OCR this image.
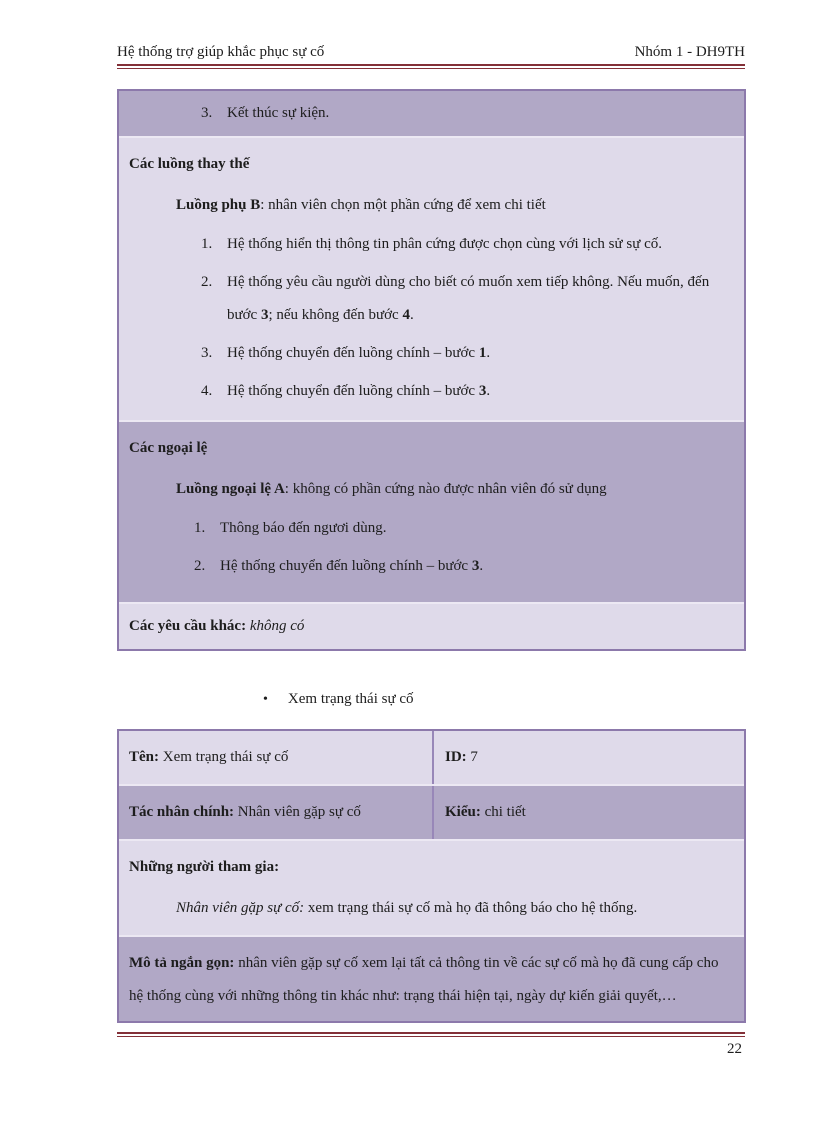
Hệ thống trợ giúp khắc phục sự cố	Nhóm 1 - DH9TH
3. Kết thúc sự kiện.
Các luồng thay thế
Luồng phụ B: nhân viên chọn một phần cứng để xem chi tiết
1. Hệ thống hiển thị thông tin phân cứng được chọn cùng với lịch sử sự cố.
2. Hệ thống yêu cầu người dùng cho biết có muốn xem tiếp không. Nếu muốn, đến bước 3; nếu không đến bước 4.
3. Hệ thống chuyển đến luồng chính – bước 1.
4. Hệ thống chuyển đến luồng chính – bước 3.
Các ngoại lệ
Luồng ngoại lệ A: không có phần cứng nào được nhân viên đó sử dụng
1. Thông báo đến ngươi dùng.
2. Hệ thống chuyển đến luồng chính – bước 3.
Các yêu cầu khác: không có
• Xem trạng thái sự cố
Tên: Xem trạng thái sự cố	ID: 7
Tác nhân chính: Nhân viên gặp sự cố	Kiểu: chi tiết
Những người tham gia:
Nhân viên gặp sự cố: xem trạng thái sự cố mà họ đã thông báo cho hệ thống.
Mô tả ngắn gọn: nhân viên gặp sự cố xem lại tất cả thông tin về các sự cố mà họ đã cung cấp cho hệ thống cùng với những thông tin khác như: trạng thái hiện tại, ngày dự kiến giải quyết,…
22
